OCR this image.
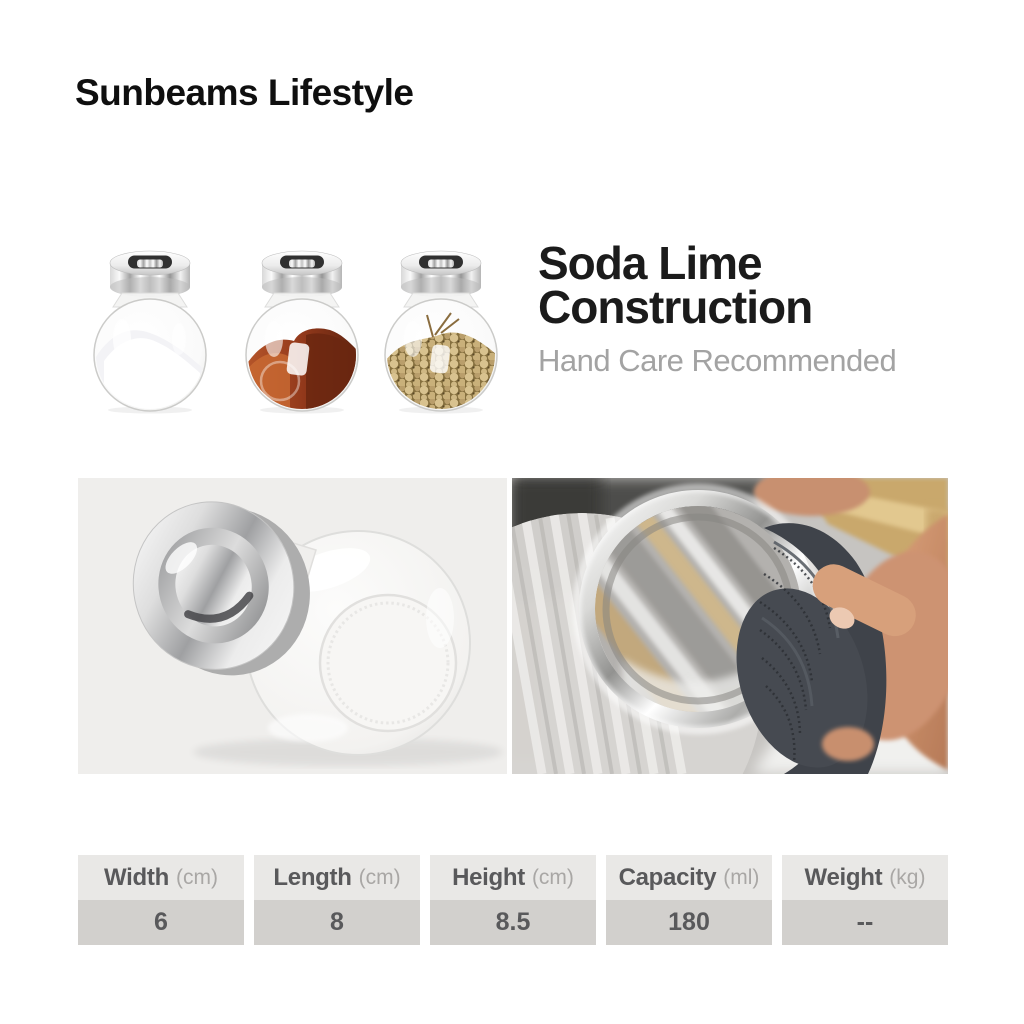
Sunbeams Lifestyle
Soda Lime
Construction
Hand Care Recommended
Width (cm)
6
Length (cm)
8
Height (cm)
8.5
Capacity (ml)
180
Weight (kg)
--
